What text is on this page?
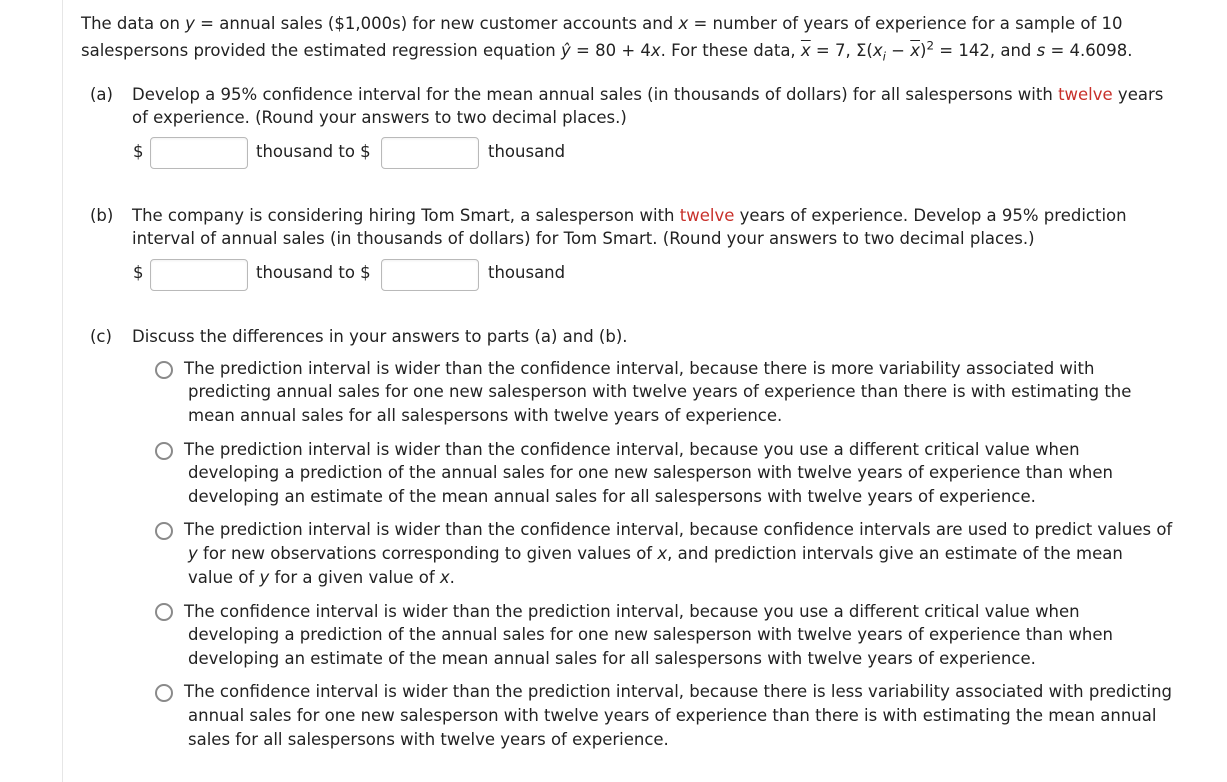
The data on y = annual sales ($1,000s) for new customer accounts and x = number of years of experience for a sample of 10
salespersons provided the estimated regression equation ŷ = 80 + 4x. For these data, $\overline{x} = 7$, $\Sigma(x_i - \overline{x})^2 = 142$, and s = 4.6098.
(a) Develop a 95% confidence interval for the mean annual sales (in thousands of dollars) for all salespersons with twelve years
of experience. (Round your answers to two decimal places.)
$	thousand to $	thousand
(b) The company is considering hiring Tom Smart, a salesperson with twelve years of experience. Develop a 95% prediction
interval of annual sales (in thousands of dollars) for Tom Smart. (Round your answers to two decimal places.)
$	thousand to $	thousand
(c) Discuss the differences in your answers to parts (a) and (b).
The prediction interval is wider than the confidence interval, because there is more variability associated with
predicting annual sales for one new salesperson with twelve years of experience than there is with estimating the
mean annual sales for all salespersons with twelve years of experience.
The prediction interval is wider than the confidence interval, because you use a different critical value when
developing a prediction of the annual sales for one new salesperson with twelve years of experience than when
developing an estimate of the mean annual sales for all salespersons with twelve years of experience.
The prediction interval is wider than the confidence interval, because confidence intervals are used to predict values of
y for new observations corresponding to given values of x, and prediction intervals give an estimate of the mean
value of y for a given value of x.
The confidence interval is wider than the prediction interval, because you use a different critical value when
developing a prediction of the annual sales for one new salesperson with twelve years of experience than when
developing an estimate of the mean annual sales for all salespersons with twelve years of experience.
The confidence interval is wider than the prediction interval, because there is less variability associated with predicting
annual sales for one new salesperson with twelve years of experience than there is with estimating the mean annual
sales for all salespersons with twelve years of experience.
